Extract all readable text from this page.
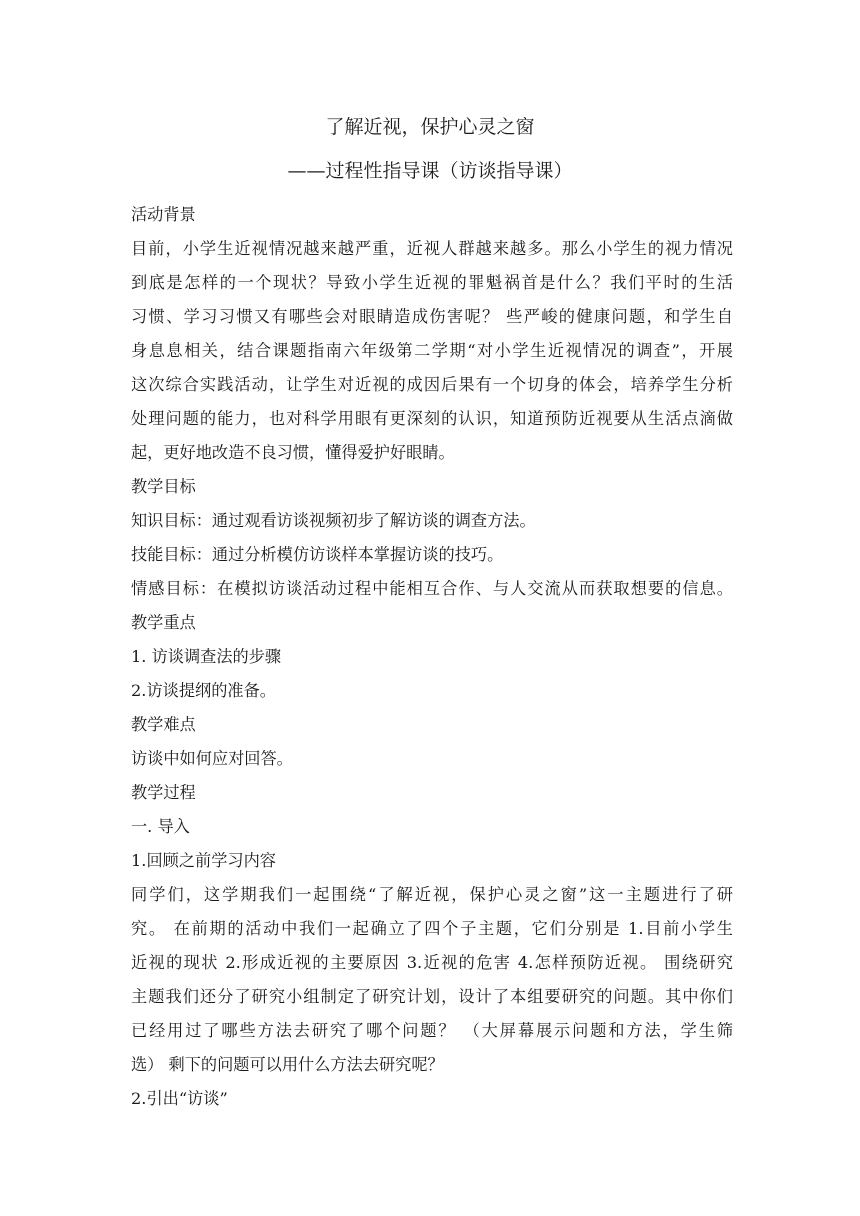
了解近视，保护心灵之窗
——过程性指导课（访谈指导课）

活动背景

目前，小学生近视情况越来越严重，近视人群越来越多。那么小学生的视力情况

到底是怎样的一个现状？导致小学生近视的罪魁祸首是什么？我们平时的生活

习惯、学习习惯又有哪些会对眼睛造成伤害呢？ 些严峻的健康问题，和学生自

身息息相关，结合课题指南六年级第二学期“对小学生近视情况的调查”，开展

这次综合实践活动，让学生对近视的成因后果有一个切身的体会，培养学生分析

处理问题的能力，也对科学用眼有更深刻的认识，知道预防近视要从生活点滴做

起，更好地改造不良习惯，懂得爱护好眼睛。

教学目标

知识目标：通过观看访谈视频初步了解访谈的调查方法。

技能目标：通过分析模仿访谈样本掌握访谈的技巧。

情感目标：在模拟访谈活动过程中能相互合作、与人交流从而获取想要的信息。

教学重点

1. 访谈调查法的步骤

2.访谈提纲的准备。

教学难点

访谈中如何应对回答。

教学过程

一. 导入

1.回顾之前学习内容

同学们，这学期我们一起围绕“了解近视，保护心灵之窗”这一主题进行了研

究。 在前期的活动中我们一起确立了四个子主题，它们分别是 1.目前小学生

近视的现状 2.形成近视的主要原因 3.近视的危害 4.怎样预防近视。 围绕研究

主题我们还分了研究小组制定了研究计划，设计了本组要研究的问题。其中你们

已经用过了哪些方法去研究了哪个问题？ （大屏幕展示问题和方法，学生筛

选） 剩下的问题可以用什么方法去研究呢？

2.引出“访谈”
